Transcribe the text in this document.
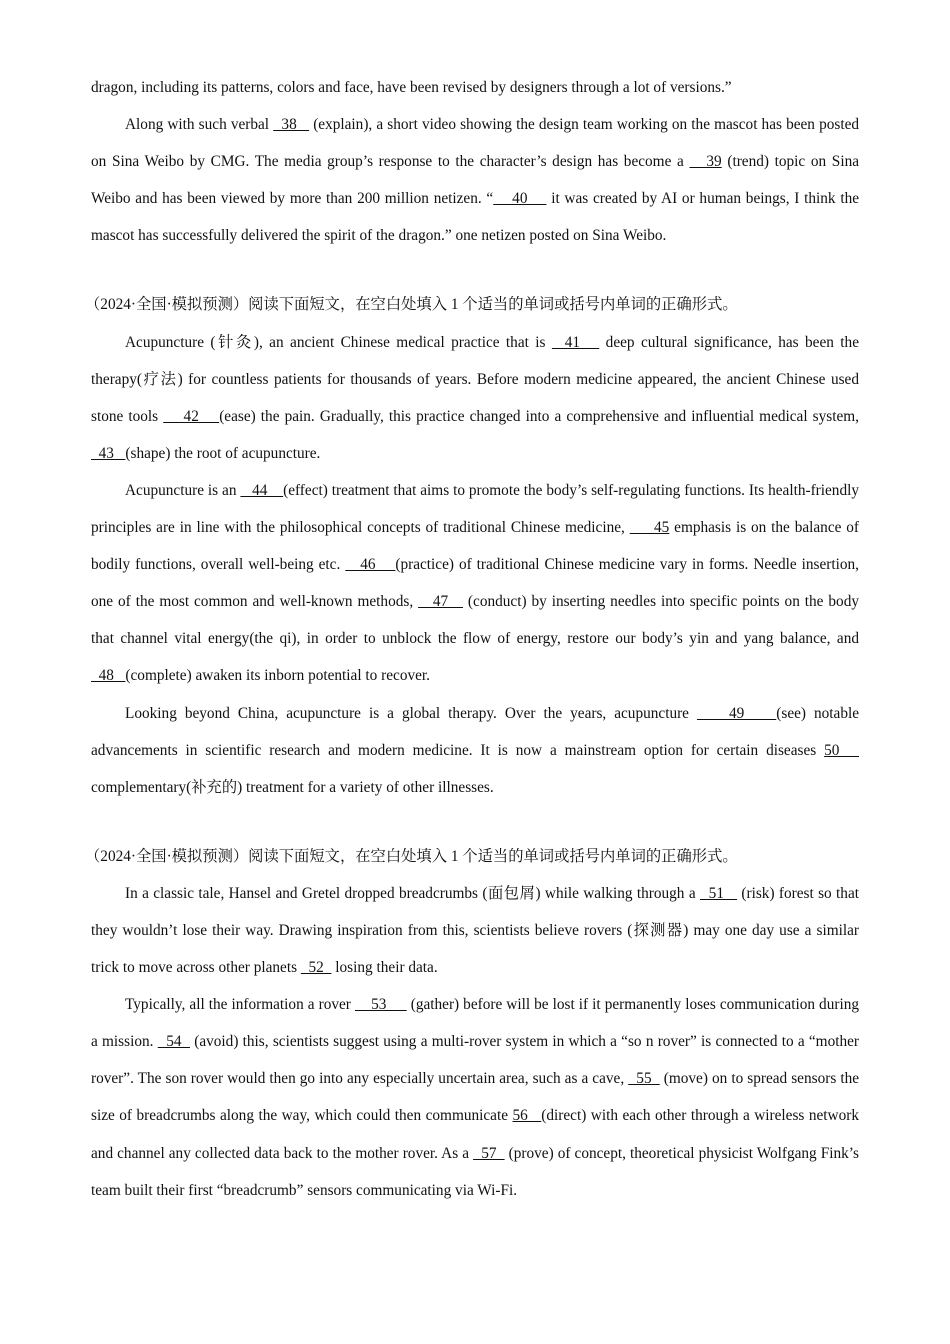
dragon, including its patterns, colors and face, have been revised by designers through a lot of versions.”

Along with such verbal   38    (explain), a short video showing the design team working on the mascot has been posted on Sina Weibo by CMG. The media group’s response to the character’s design has become a    39 (trend) topic on Sina Weibo and has been viewed by more than 200 million netizen. “    40     it was created by AI or human beings, I think the mascot has successfully delivered the spirit of the dragon.” one netizen posted on Sina Weibo.

（2024·全国·模拟预测）阅读下面短文，在空白处填入 1 个适当的单词或括号内单词的正确形式。

Acupuncture (针灸), an ancient Chinese medical practice that is   41    deep cultural significance, has been the therapy(疗法) for countless patients for thousands of years. Before modern medicine appeared, the ancient Chinese used stone tools     42    (ease) the pain. Gradually, this practice changed into a comprehensive and influential medical system,   43   (shape) the root of acupuncture.

Acupuncture is an    44    (effect) treatment that aims to promote the body’s self-regulating functions. Its health-friendly principles are in line with the philosophical concepts of traditional Chinese medicine,      45 emphasis is on the balance of bodily functions, overall well-being etc.    46    (practice) of traditional Chinese medicine vary in forms. Needle insertion, one of the most common and well-known methods,    47    (conduct) by inserting needles into specific points on the body that channel vital energy(the qi), in order to unblock the flow of energy, restore our body’s yin and yang balance, and   48   (complete) awaken its inborn potential to recover.

Looking beyond China, acupuncture is a global therapy. Over the years, acupuncture     49    (see) notable advancements in scientific research and modern medicine. It is now a mainstream option for certain diseases 50    complementary(补充的) treatment for a variety of other illnesses.

（2024·全国·模拟预测）阅读下面短文，在空白处填入 1 个适当的单词或括号内单词的正确形式。

In a classic tale, Hansel and Gretel dropped breadcrumbs (面包屑) while walking through a   51    (risk) forest so that they wouldn’t lose their way. Drawing inspiration from this, scientists believe rovers (探测器) may one day use a similar trick to move across other planets   52   losing their data.

Typically, all the information a rover     53      (gather) before will be lost if it permanently loses communication during a mission.   54   (avoid) this, scientists suggest using a multi-rover system in which a “so n rover” is connected to a “mother rover”. The son rover would then go into any especially uncertain area, such as a cave,   55   (move) on to spread sensors the size of breadcrumbs along the way, which could then communicate 56   (direct) with each other through a wireless network and channel any collected data back to the mother rover. As a   57   (prove) of concept, theoretical physicist Wolfgang Fink’s team built their first “breadcrumb” sensors communicating via Wi-Fi.
